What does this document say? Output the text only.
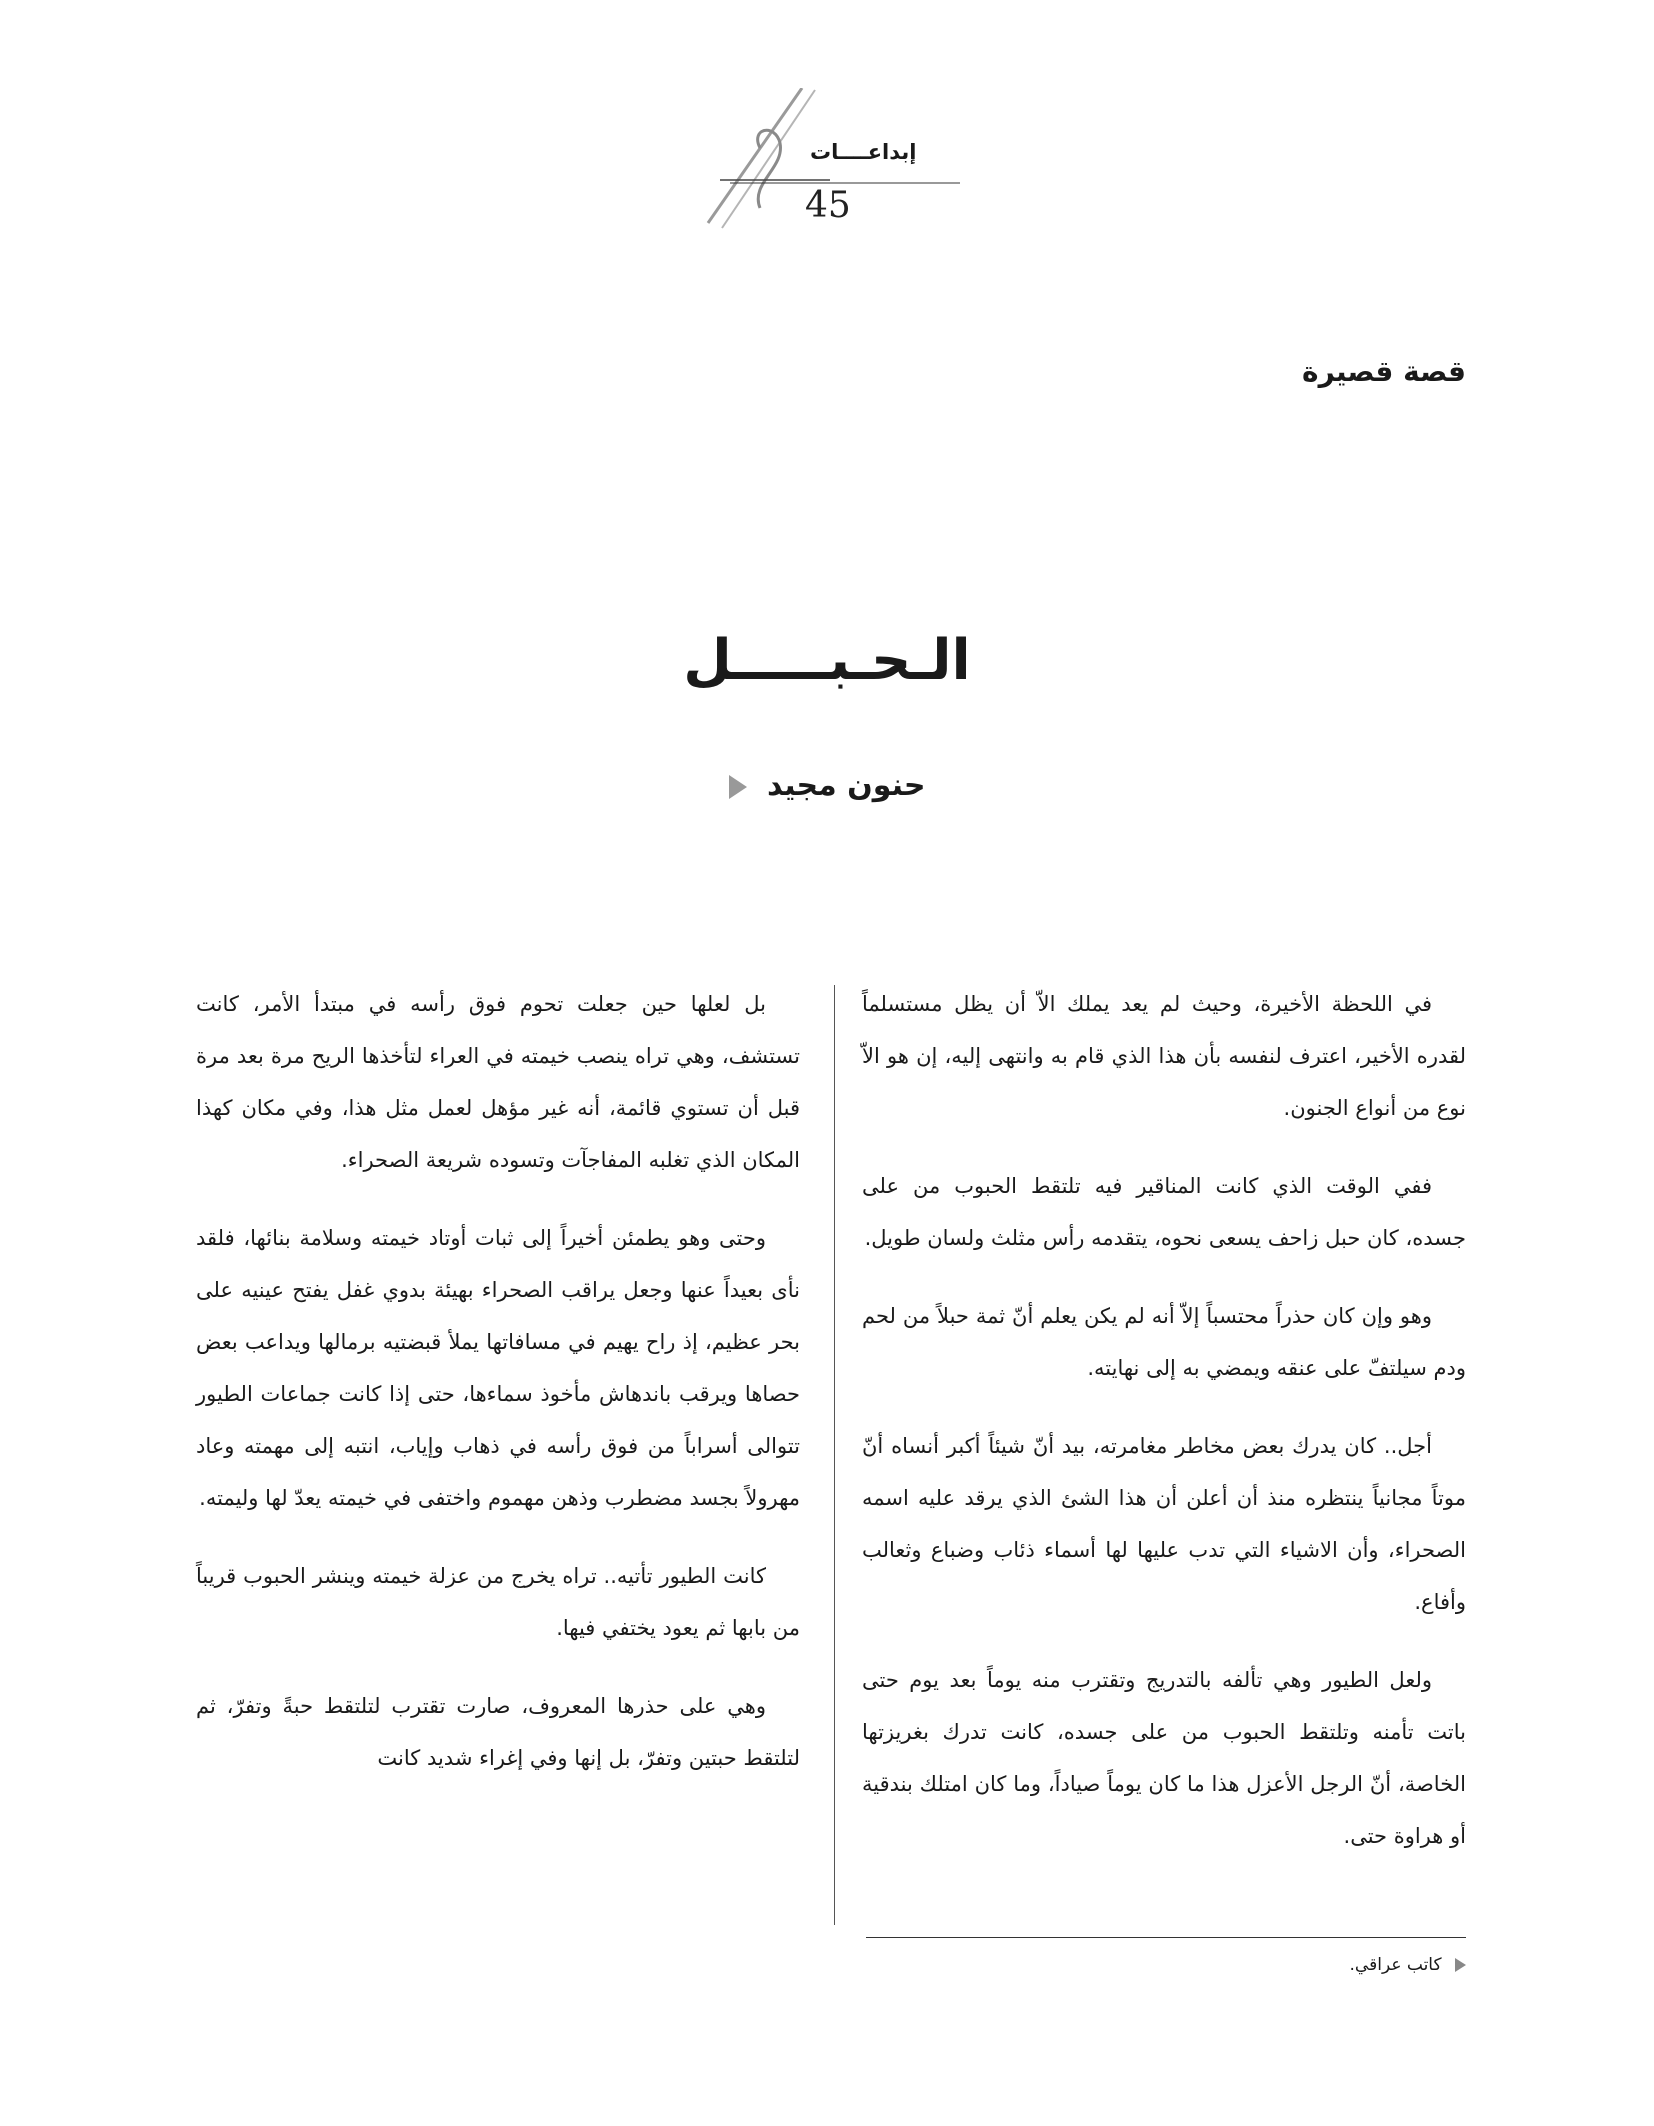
إبداعــــات
45
قصة قصيرة
الـحـبـــــل
حنون مجيد

في اللحظة الأخيرة، وحيث لم يعد يملك الاّ أن يظل مستسلماً لقدره الأخير، اعترف لنفسه بأن هذا الذي قام به وانتهى إليه، إن هو الاّ نوع من أنواع الجنون.

ففي الوقت الذي كانت المناقير فيه تلتقط الحبوب من على جسده، كان حبل زاحف يسعى نحوه، يتقدمه رأس مثلث ولسان طويل.

وهو وإن كان حذراً محتسباً إلاّ أنه لم يكن يعلم أنّ ثمة حبلاً من لحم ودم سيلتفّ على عنقه ويمضي به إلى نهايته.

أجل.. كان يدرك بعض مخاطر مغامرته، بيد أنّ شيئاً أكبر أنساه أنّ موتاً مجانياً ينتظره منذ أن أعلن أن هذا الشئ الذي يرقد عليه اسمه الصحراء، وأن الاشياء التي تدب عليها لها أسماء ذئاب وضباع وثعالب وأفاع.

ولعل الطيور وهي تألفه بالتدريج وتقترب منه يوماً بعد يوم حتى باتت تأمنه وتلتقط الحبوب من على جسده، كانت تدرك بغريزتها الخاصة، أنّ الرجل الأعزل هذا ما كان يوماً صياداً، وما كان امتلك بندقية أو هراوة حتى.

بل لعلها حين جعلت تحوم فوق رأسه في مبتدأ الأمر، كانت تستشف، وهي تراه ينصب خيمته في العراء لتأخذها الريح مرة بعد مرة قبل أن تستوي قائمة، أنه غير مؤهل لعمل مثل هذا، وفي مكان كهذا المكان الذي تغلبه المفاجآت وتسوده شريعة الصحراء.

وحتى وهو يطمئن أخيراً إلى ثبات أوتاد خيمته وسلامة بنائها، فلقد نأى بعيداً عنها وجعل يراقب الصحراء بهيئة بدوي غفل يفتح عينيه على بحر عظيم، إذ راح يهيم في مسافاتها يملأ قبضتيه برمالها ويداعب بعض حصاها ويرقب باندهاش مأخوذ سماءها، حتى إذا كانت جماعات الطيور تتوالى أسراباً من فوق رأسه في ذهاب وإياب، انتبه إلى مهمته وعاد مهرولاً بجسد مضطرب وذهن مهموم واختفى في خيمته يعدّ لها وليمته.

كانت الطيور تأتيه.. تراه يخرج من عزلة خيمته وينشر الحبوب قريباً من بابها ثم يعود يختفي فيها.

وهي على حذرها المعروف، صارت تقترب لتلتقط حبةً وتفرّ، ثم لتلتقط حبتين وتفرّ، بل إنها وفي إغراء شديد كانت

كاتب عراقي.
